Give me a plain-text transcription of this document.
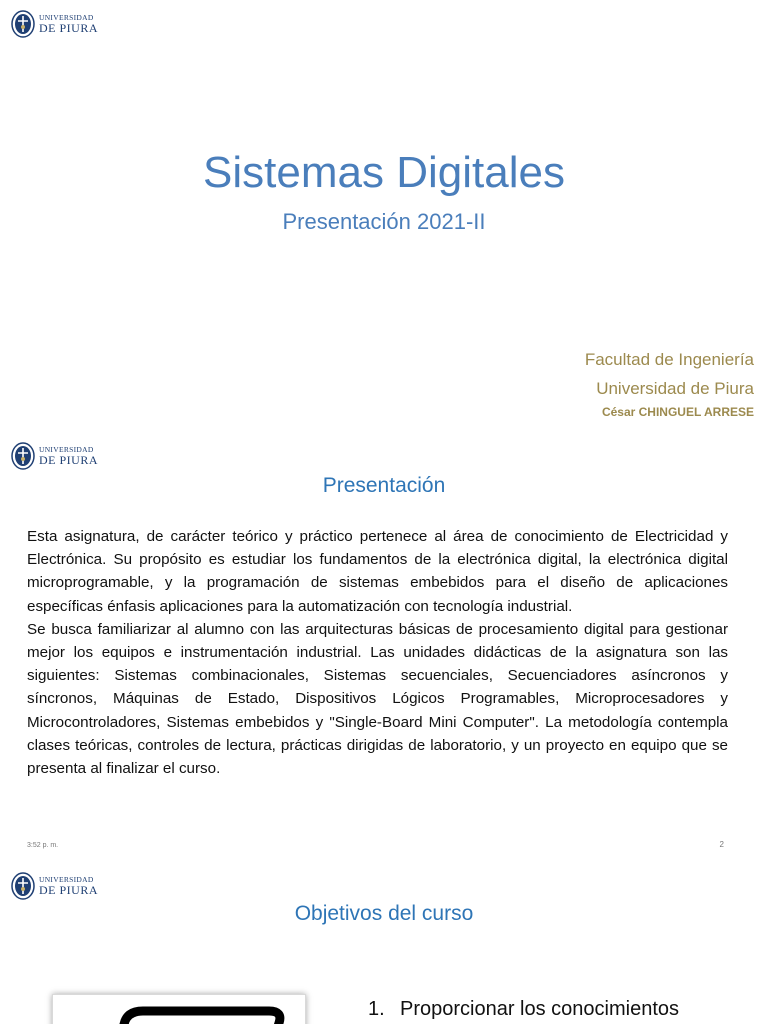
UNIVERSIDAD
DE PIURA
Sistemas Digitales
Presentación 2021-II
Facultad de Ingeniería
Universidad de Piura
César CHINGUEL ARRESE
UNIVERSIDAD
DE PIURA
Presentación

Esta asignatura, de carácter teórico y práctico pertenece al área de conocimiento de Electricidad y Electrónica. Su propósito es estudiar los fundamentos de la electrónica digital, la electrónica digital microprogramable, y la programación de sistemas embebidos para el diseño de aplicaciones específicas énfasis aplicaciones para la automatización con tecnología industrial.

Se busca familiarizar al alumno con las arquitecturas básicas de procesamiento digital para gestionar mejor los equipos e instrumentación industrial. Las unidades didácticas de la asignatura son las siguientes: Sistemas combinacionales, Sistemas secuenciales, Secuenciadores asíncronos y síncronos, Máquinas de Estado, Dispositivos Lógicos Programables, Microprocesadores y Microcontroladores, Sistemas embebidos y "Single-Board Mini Computer". La metodología contempla clases teóricas, controles de lectura, prácticas dirigidas de laboratorio, y un proyecto en equipo que se presenta al finalizar el curso.

3:52 p. m.	2
UNIVERSIDAD
DE PIURA
Objetivos del curso
1. Proporcionar los conocimientos
